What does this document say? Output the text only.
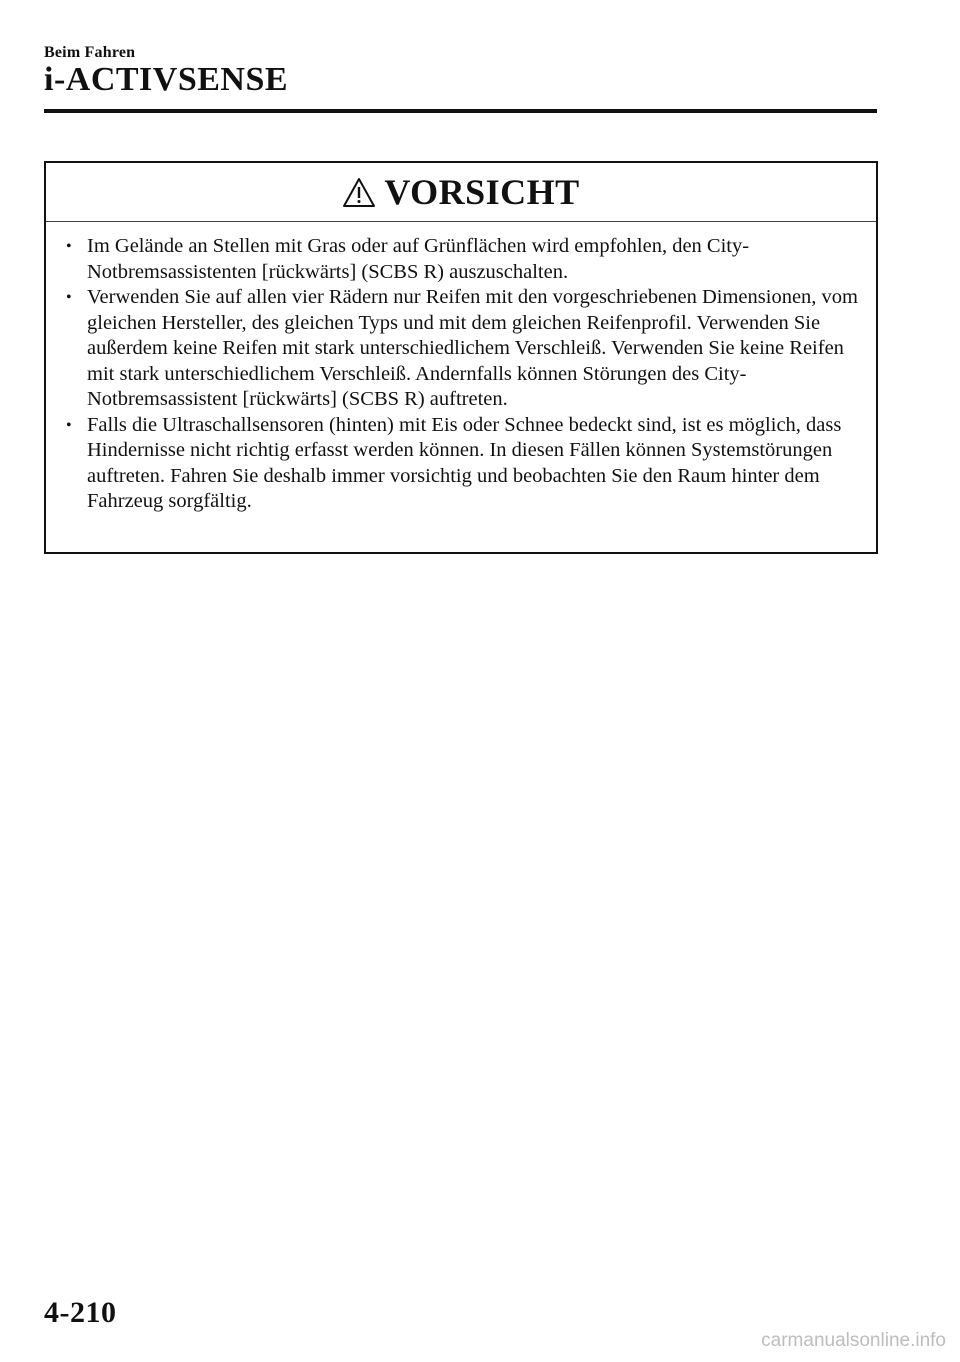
Beim Fahren
i-ACTIVSENSE
VORSICHT
• Im Gelände an Stellen mit Gras oder auf Grünflächen wird empfohlen, den City-Notbremsassistenten [rückwärts] (SCBS R) auszuschalten.
• Verwenden Sie auf allen vier Rädern nur Reifen mit den vorgeschriebenen Dimensionen, vom gleichen Hersteller, des gleichen Typs und mit dem gleichen Reifenprofil. Verwenden Sie außerdem keine Reifen mit stark unterschiedlichem Verschleiß. Verwenden Sie keine Reifen mit stark unterschiedlichem Verschleiß. Andernfalls können Störungen des City-Notbremsassistent [rückwärts] (SCBS R) auftreten.
• Falls die Ultraschallsensoren (hinten) mit Eis oder Schnee bedeckt sind, ist es möglich, dass Hindernisse nicht richtig erfasst werden können. In diesen Fällen können Systemstörungen auftreten. Fahren Sie deshalb immer vorsichtig und beobachten Sie den Raum hinter dem Fahrzeug sorgfältig.
4-210
carmanualsonline.info
